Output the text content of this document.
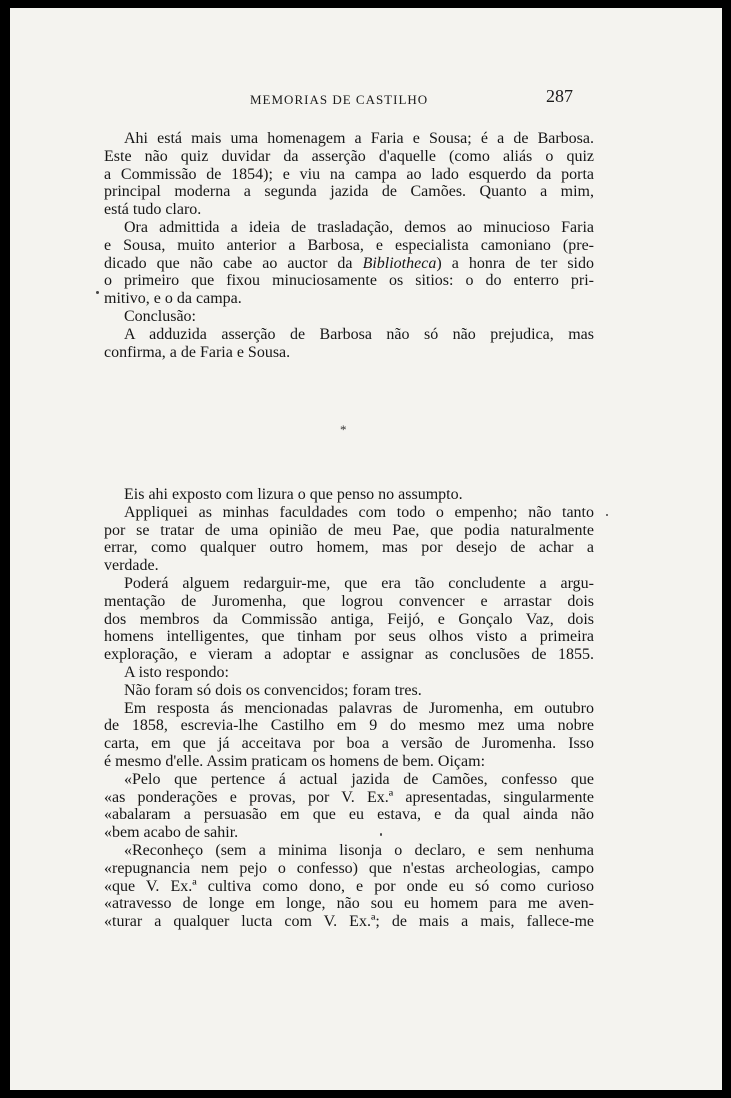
MEMORIAS DE CASTILHO	287
Ahi está mais uma homenagem a Faria e Sousa; é a de Barbosa.
Este não quiz duvidar da asserção d'aquelle (como aliás o quiz
a Commissão de 1854); e viu na campa ao lado esquerdo da porta
principal moderna a segunda jazida de Camões. Quanto a mim,
está tudo claro.
Ora admittida a ideia de trasladação, demos ao minucioso Faria
e Sousa, muito anterior a Barbosa, e especialista camoniano (pre-
dicado que não cabe ao auctor da Bibliotheca) a honra de ter sido
o primeiro que fixou minuciosamente os sitios: o do enterro pri-
mitivo, e o da campa.
Conclusão:
A adduzida asserção de Barbosa não só não prejudica, mas
confirma, a de Faria e Sousa.
*
Eis ahi exposto com lizura o que penso no assumpto.
Appliquei as minhas faculdades com todo o empenho; não tanto
por se tratar de uma opinião de meu Pae, que podia naturalmente
errar, como qualquer outro homem, mas por desejo de achar a
verdade.
Poderá alguem redarguir-me, que era tão concludente a argu-
mentação de Juromenha, que logrou convencer e arrastar dois
dos membros da Commissão antiga, Feijó, e Gonçalo Vaz, dois
homens intelligentes, que tinham por seus olhos visto a primeira
exploração, e vieram a adoptar e assignar as conclusões de 1855.
A isto respondo:
Não foram só dois os convencidos; foram tres.
Em resposta ás mencionadas palavras de Juromenha, em outubro
de 1858, escrevia-lhe Castilho em 9 do mesmo mez uma nobre
carta, em que já acceitava por boa a versão de Juromenha. Isso
é mesmo d'elle. Assim praticam os homens de bem. Oiçam:
«Pelo que pertence á actual jazida de Camões, confesso que
«as ponderações e provas, por V. Ex.ª apresentadas, singularmente
«abalaram a persuasão em que eu estava, e da qual ainda não
«bem acabo de sahir.
«Reconheço (sem a minima lisonja o declaro, e sem nenhuma
«repugnancia nem pejo o confesso) que n'estas archeologias, campo
«que V. Ex.ª cultiva como dono, e por onde eu só como curioso
«atravesso de longe em longe, não sou eu homem para me aven-
«turar a qualquer lucta com V. Ex.ª; de mais a mais, fallece-me
